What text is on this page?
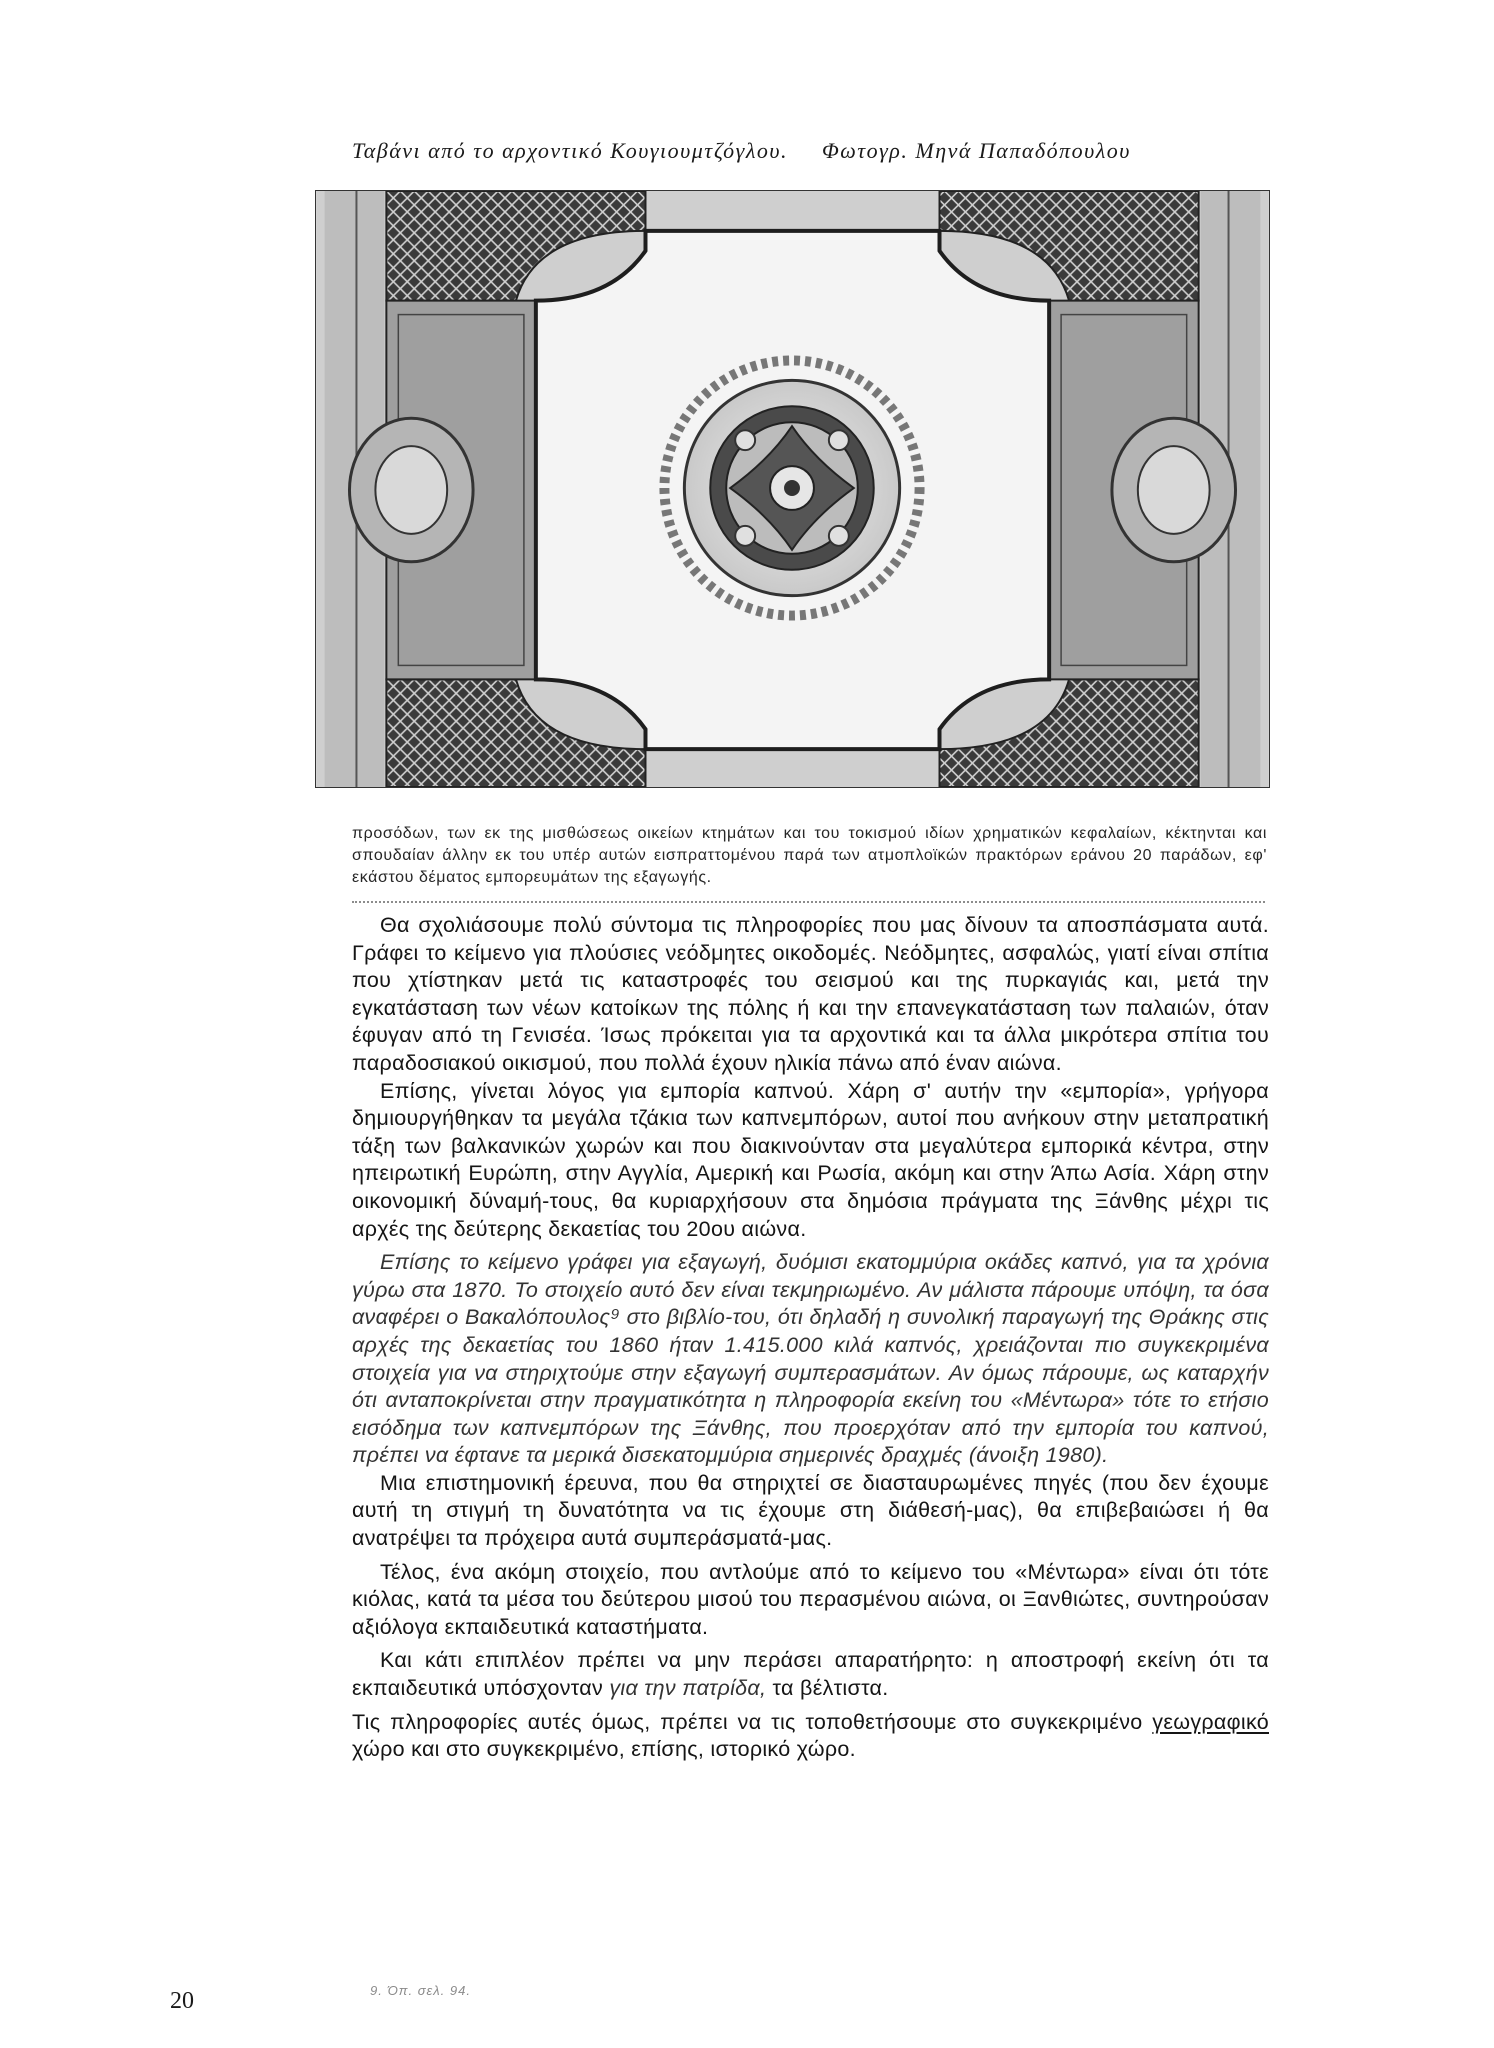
Ταβάνι από το αρχοντικό Κουγιουμτζόγλου. Φωτογρ. Μηνά Παπαδόπουλου

προσόδων, των εκ της μισθώσεως οικείων κτημάτων και του τοκισμού ιδίων χρηματικών κεφαλαίων, κέκτηνται και σπουδαίαν άλλην εκ του υπέρ αυτών εισπραττομένου παρά των ατμοπλοϊκών πρακτόρων εράνου 20 παράδων, εφ' εκάστου δέματος εμπορευμάτων της εξαγωγής.

Θα σχολιάσουμε πολύ σύντομα τις πληροφορίες που μας δίνουν τα αποσπάσματα αυτά. Γράφει το κείμενο για πλούσιες νεόδμητες οικοδομές. Νεόδμητες, ασφαλώς, γιατί είναι σπίτια που χτίστηκαν μετά τις καταστροφές του σεισμού και της πυρκαγιάς και, μετά την εγκατάσταση των νέων κατοίκων της πόλης ή και την επανεγκατάσταση των παλαιών, όταν έφυγαν από τη Γενισέα. Ίσως πρόκειται για τα αρχοντικά και τα άλλα μικρότερα σπίτια του παραδοσιακού οικισμού, που πολλά έχουν ηλικία πάνω από έναν αιώνα.

Επίσης, γίνεται λόγος για εμπορία καπνού. Χάρη σ' αυτήν την «εμπορία», γρήγορα δημιουργήθηκαν τα μεγάλα τζάκια των καπνεμπόρων, αυτοί που ανήκουν στην μεταπρατική τάξη των βαλκανικών χωρών και που διακινούνταν στα μεγαλύτερα εμπορικά κέντρα, στην ηπειρωτική Ευρώπη, στην Αγγλία, Αμερική και Ρωσία, ακόμη και στην Άπω Ασία. Χάρη στην οικονομική δύναμή-τους, θα κυριαρχήσουν στα δημόσια πράγματα της Ξάνθης μέχρι τις αρχές της δεύτερης δεκαετίας του 20ου αιώνα.

Επίσης το κείμενο γράφει για εξαγωγή, δυόμισι εκατομμύρια οκάδες καπνό, για τα χρόνια γύρω στα 1870. Το στοιχείο αυτό δεν είναι τεκμηριωμένο. Αν μάλιστα πάρουμε υπόψη, τα όσα αναφέρει ο Βακαλόπουλος⁹ στο βιβλίο-του, ότι δηλαδή η συνολική παραγωγή της Θράκης στις αρχές της δεκαετίας του 1860 ήταν 1.415.000 κιλά καπνός, χρειάζονται πιο συγκεκριμένα στοιχεία για να στηριχτούμε στην εξαγωγή συμπερασμάτων. Αν όμως πάρουμε, ως καταρχήν ότι ανταποκρίνεται στην πραγματικότητα η πληροφορία εκείνη του «Μέντωρα» τότε το ετήσιο εισόδημα των καπνεμπόρων της Ξάνθης, που προερχόταν από την εμπορία του καπνού, πρέπει να έφτανε τα μερικά δισεκατομμύρια σημερινές δραχμές (άνοιξη 1980).

Μια επιστημονική έρευνα, που θα στηριχτεί σε διασταυρωμένες πηγές (που δεν έχουμε αυτή τη στιγμή τη δυνατότητα να τις έχουμε στη διάθεσή-μας), θα επιβεβαιώσει ή θα ανατρέψει τα πρόχειρα αυτά συμπεράσματά-μας.

Τέλος, ένα ακόμη στοιχείο, που αντλούμε από το κείμενο του «Μέντωρα» είναι ότι τότε κιόλας, κατά τα μέσα του δεύτερου μισού του περασμένου αιώνα, οι Ξανθιώτες, συντηρούσαν αξιόλογα εκπαιδευτικά καταστήματα.

Και κάτι επιπλέον πρέπει να μην περάσει απαρατήρητο: η αποστροφή εκείνη ότι τα εκπαιδευτικά υπόσχονταν για την πατρίδα, τα βέλτιστα.

Τις πληροφορίες αυτές όμως, πρέπει να τις τοποθετήσουμε στο συγκεκριμένο γεωγραφικό χώρο και στο συγκεκριμένο, επίσης, ιστορικό χώρο.

9. Όπ. σελ. 94.
20
